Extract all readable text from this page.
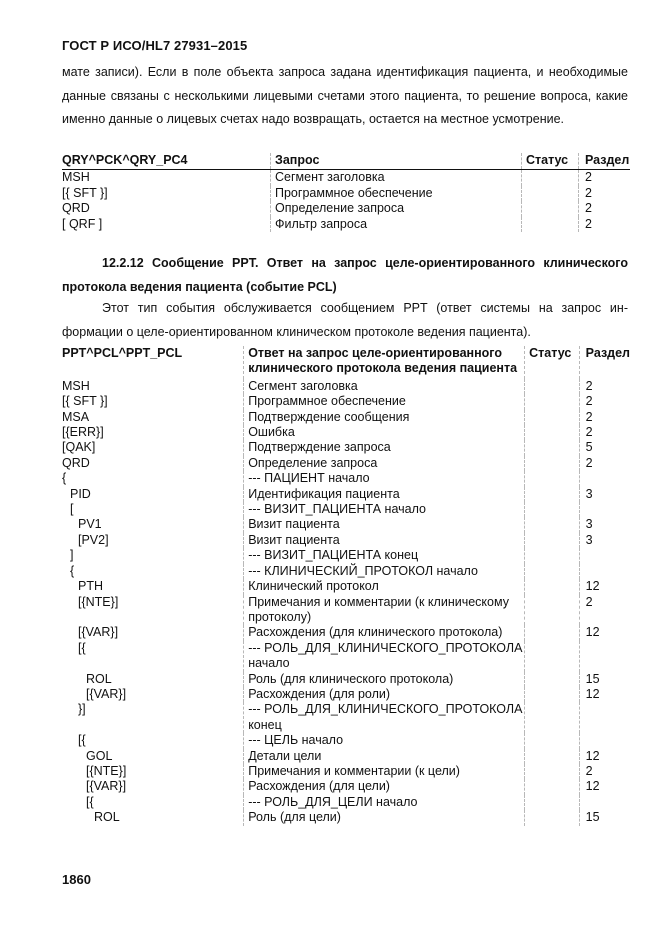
ГОСТ Р ИСО/HL7 27931–2015
мате записи). Если в поле объекта запроса задана идентификация пациента, и необходимые данные связаны с несколькими лицевыми счетами этого пациента, то решение вопроса, какие именно данные о лицевых счетах надо возвращать, остается на местное усмотрение.
QRY^PCK^QRY_PC4	Запрос	Статус	Раздел
MSH	Сегмент заголовка		2
[{ SFT }]	Программное обеспечение		2
QRD	Определение запроса		2
[ QRF ]	Фильтр запроса		2
12.2.12 Сообщение PPT. Ответ на запрос целе-ориентированного клинического протокола ведения пациента (событие PCL)
Этот тип события обслуживается сообщением PPT (ответ системы на запрос информации о целе-ориентированном клиническом протоколе ведения пациента).
PPT^PCL^PPT_PCL	Ответ на запрос целе-ориентированного клинического протокола ведения пациента	Статус	Раздел
MSH	Сегмент заголовка		2
[{ SFT }]	Программное обеспечение		2
MSA	Подтверждение сообщения		2
[{ERR}]	Ошибка		2
[QAK]	Подтверждение запроса		5
QRD	Определение запроса		2
{	--- ПАЦИЕНТ начало		
PID	Идентификация пациента		3
[	--- ВИЗИТ_ПАЦИЕНТА начало		
PV1	Визит пациента		3
[PV2]	Визит пациента		3
]	--- ВИЗИТ_ПАЦИЕНТА конец		
{	--- КЛИНИЧЕСКИЙ_ПРОТОКОЛ начало		
PTH	Клинический протокол		12
[{NTE}]	Примечания и комментарии (к клиническому протоколу)		2
[{VAR}]	Расхождения (для клинического протокола)		12
[{	--- РОЛЬ_ДЛЯ_КЛИНИЧЕСКОГО_ПРОТОКОЛА начало		
ROL	Роль (для клинического протокола)		15
[{VAR}]	Расхождения (для роли)		12
}]	--- РОЛЬ_ДЛЯ_КЛИНИЧЕСКОГО_ПРОТОКОЛА конец		
[{	--- ЦЕЛЬ начало		
GOL	Детали цели		12
[{NTE}]	Примечания и комментарии (к цели)		2
[{VAR}]	Расхождения (для цели)		12
[{	--- РОЛЬ_ДЛЯ_ЦЕЛИ начало		
ROL	Роль (для цели)		15
1860
